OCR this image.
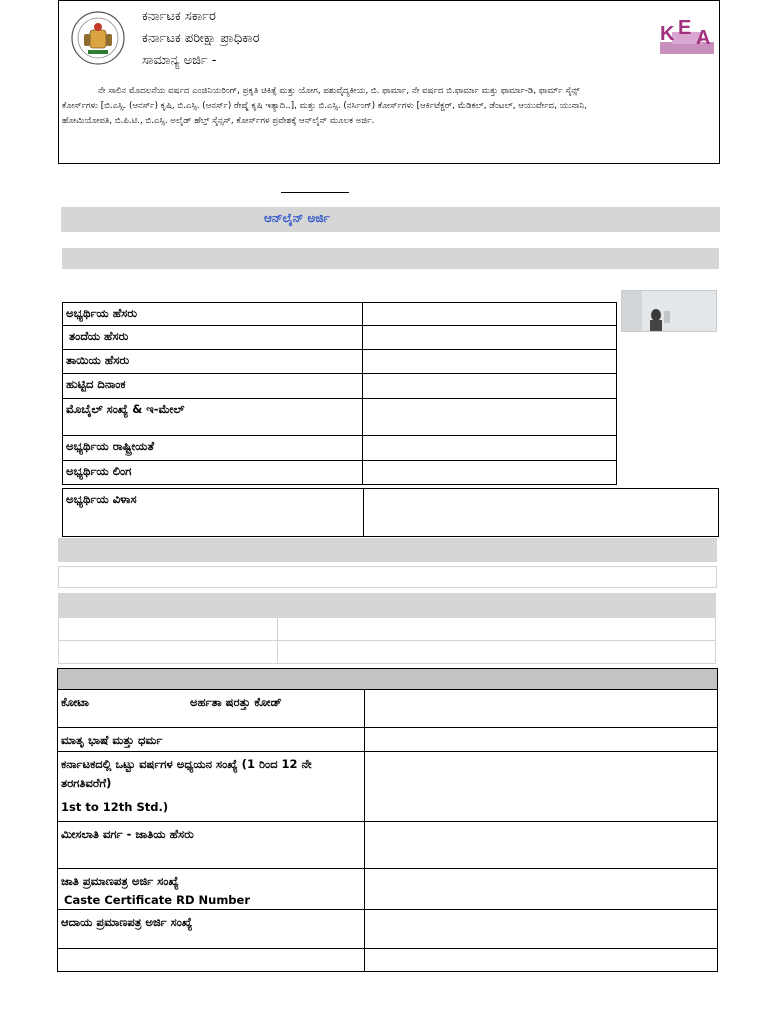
ಕರ್ನಾಟಕ ಸರ್ಕಾರ
ಕರ್ನಾಟಕ ಪರೀಕ್ಷಾ ಪ್ರಾಧಿಕಾರ
ಸಾಮಾನ್ಯ ಅರ್ಜಿ -
K E A
ನೇ ಸಾಲಿನ ಮೊದಲನೆಯ ವರ್ಷದ ಎಂಜಿನಿಯರಿಂಗ್, ಪ್ರಕೃತಿ ಚಿಕಿತ್ಸೆ ಮತ್ತು ಯೋಗ, ಪಶುವೈದ್ಯಕೀಯ, ಬಿ. ಫಾರ್ಮಾ, ನೇ ವರ್ಷದ ಬಿ.ಫಾರ್ಮಾ ಮತ್ತು ಫಾರ್ಮಾ-ಡಿ, ಫಾರ್ಮ್ ಸೈನ್ಸ್
ಕೋರ್ಸ್‌ಗಳು [ಬಿ.ಎಸ್ಸಿ. (ಆನರ್ಸ್) ಕೃಷಿ, ಬಿ.ಎಸ್ಸಿ. (ಆನರ್ಸ್) ರೇಷ್ಮೆ ಕೃಷಿ ಇತ್ಯಾದಿ..], ಮತ್ತು ಬಿ.ಎಸ್ಸಿ. (ನರ್ಸಿಂಗ್) ಕೋರ್ಸ್‌ಗಳು [ಆರ್ಕಿಟೆಕ್ಚರ್, ಮೆಡಿಕಲ್, ಡೆಂಟಲ್, ಆಯುರ್ವೇದ, ಯುನಾನಿ,
ಹೋಮಿಯೋಪತಿ, ಬಿ.ಪಿ.ಟಿ., ಬಿ.ಎಸ್ಸಿ. ಅಲೈಡ್ ಹೆಲ್ತ್ ಸೈನ್ಸಸ್, ಕೋರ್ಸ್‌ಗಳ ಪ್ರವೇಶಕ್ಕೆ ಆನ್‌ಲೈನ್ ಮೂಲಕ ಅರ್ಜಿ.
ಆನ್‌ಲೈನ್ ಅರ್ಜಿ
ಅಭ್ಯರ್ಥಿಯ ಹೆಸರು
ತಂದೆಯ ಹೆಸರು
ತಾಯಿಯ ಹೆಸರು
ಹುಟ್ಟಿದ ದಿನಾಂಕ
ಮೊಬೈಲ್ ಸಂಖ್ಯೆ & ಇ-ಮೇಲ್
ಅಭ್ಯರ್ಥಿಯ ರಾಷ್ಟ್ರೀಯತೆ
ಅಭ್ಯರ್ಥಿಯ ಲಿಂಗ
ಅಭ್ಯರ್ಥಿಯ ವಿಳಾಸ
ಕೋಟಾ	ಅರ್ಹತಾ ಷರತ್ತು ಕೋಡ್
ಮಾತೃ ಭಾಷೆ ಮತ್ತು ಧರ್ಮ
ಕರ್ನಾಟಕದಲ್ಲಿ ಒಟ್ಟು ವರ್ಷಗಳ ಅಧ್ಯಯನ ಸಂಖ್ಯೆ (1 ರಿಂದ 12 ನೇ ತರಗತಿವರೆಗೆ)
1st to 12th Std.)
ಮೀಸಲಾತಿ ವರ್ಗ - ಜಾತಿಯ ಹೆಸರು
ಜಾತಿ ಪ್ರಮಾಣಪತ್ರ ಅರ್ಜಿ ಸಂಖ್ಯೆ
Caste Certificate RD Number
ಆದಾಯ ಪ್ರಮಾಣಪತ್ರ ಅರ್ಜಿ ಸಂಖ್ಯೆ
